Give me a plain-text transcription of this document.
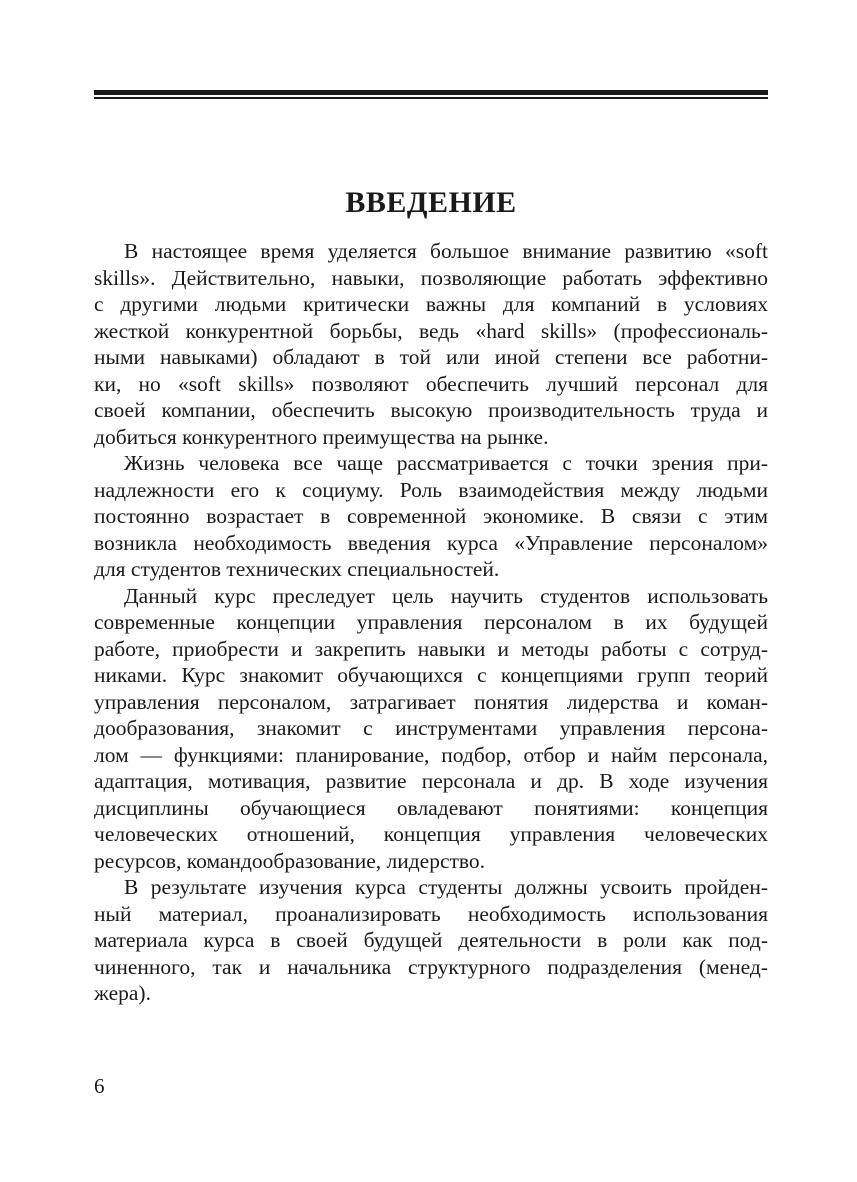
ВВЕДЕНИЕ

В настоящее время уделяется большое внимание развитию «soft
skills». Действительно, навыки, позволяющие работать эффективно
с другими людьми критически важны для компаний в условиях
жесткой конкурентной борьбы, ведь «hard skills» (профессиональ-
ными навыками) обладают в той или иной степени все работни-
ки, но «soft skills» позволяют обеспечить лучший персонал для
своей компании, обеспечить высокую производительность труда и
добиться конкурентного преимущества на рынке.

Жизнь человека все чаще рассматривается с точки зрения при-
надлежности его к социуму. Роль взаимодействия между людьми
постоянно возрастает в современной экономике. В связи с этим
возникла необходимость введения курса «Управление персоналом»
для студентов технических специальностей.

Данный курс преследует цель научить студентов использовать
современные концепции управления персоналом в их будущей
работе, приобрести и закрепить навыки и методы работы с сотруд-
никами. Курс знакомит обучающихся с концепциями групп теорий
управления персоналом, затрагивает понятия лидерства и коман-
дообразования, знакомит с инструментами управления персона-
лом — функциями: планирование, подбор, отбор и найм персонала,
адаптация, мотивация, развитие персонала и др. В ходе изучения
дисциплины обучающиеся овладевают понятиями: концепция
человеческих отношений, концепция управления человеческих
ресурсов, командообразование, лидерство.

В результате изучения курса студенты должны усвоить пройден-
ный материал, проанализировать необходимость использования
материала курса в своей будущей деятельности в роли как под-
чиненного, так и начальника структурного подразделения (менед-
жера).

6
